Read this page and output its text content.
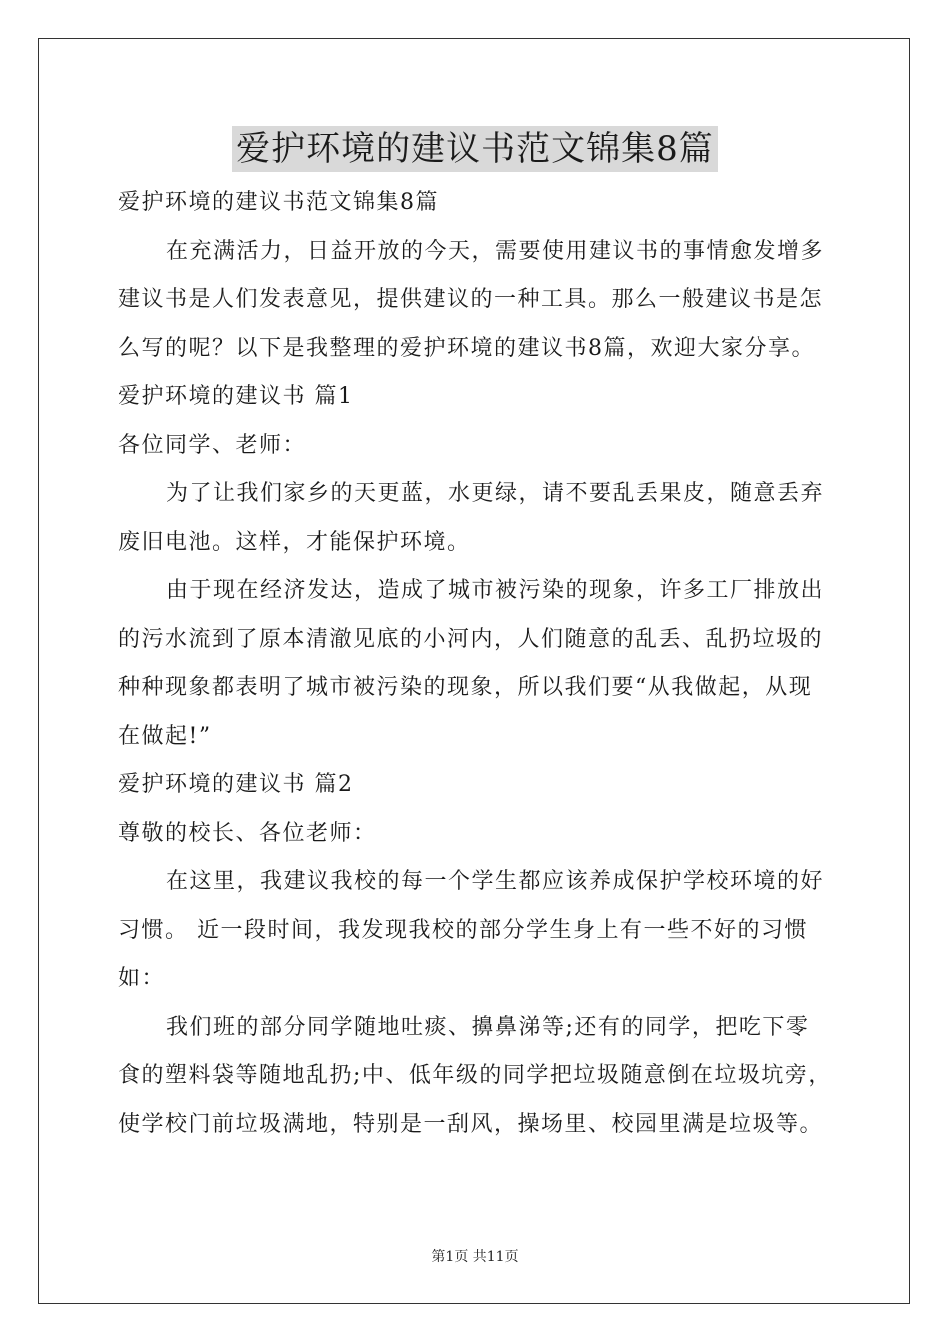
爱护环境的建议书范文锦集8篇
爱护环境的建议书范文锦集8篇
在充满活力，日益开放的今天，需要使用建议书的事情愈发增多
建议书是人们发表意见，提供建议的一种工具。那么一般建议书是怎
么写的呢？以下是我整理的爱护环境的建议书8篇，欢迎大家分享。
爱护环境的建议书 篇1
各位同学、老师：
为了让我们家乡的天更蓝，水更绿，请不要乱丢果皮，随意丢弃
废旧电池。这样，才能保护环境。
由于现在经济发达，造成了城市被污染的现象，许多工厂排放出
的污水流到了原本清澈见底的小河内，人们随意的乱丢、乱扔垃圾的
种种现象都表明了城市被污染的现象，所以我们要“从我做起，从现
在做起!”
爱护环境的建议书 篇2
尊敬的校长、各位老师：
在这里，我建议我校的每一个学生都应该养成保护学校环境的好
习惯。 近一段时间，我发现我校的部分学生身上有一些不好的习惯
如：
我们班的部分同学随地吐痰、擤鼻涕等;还有的同学，把吃下零
食的塑料袋等随地乱扔;中、低年级的同学把垃圾随意倒在垃圾坑旁，
使学校门前垃圾满地，特别是一刮风，操场里、校园里满是垃圾等。
第1页 共11页
